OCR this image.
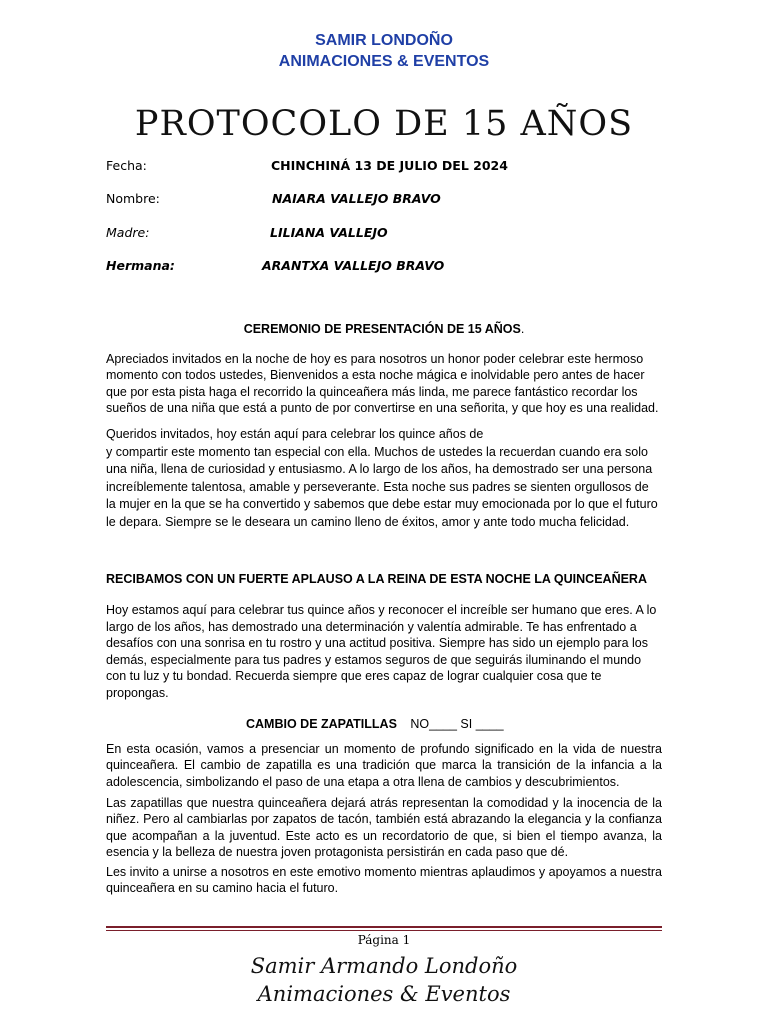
SAMIR LONDOÑO
ANIMACIONES & EVENTOS
PROTOCOLO DE 15 AÑOS
Fecha:	CHINCHINÁ 13 DE JULIO DEL 2024
Nombre:	NAIARA VALLEJO BRAVO
Madre:	LILIANA VALLEJO
Hermana:	ARANTXA VALLEJO BRAVO
CEREMONIO DE PRESENTACIÓN DE 15 AÑOS.
Apreciados invitados en la noche de hoy es para nosotros un honor poder celebrar este hermoso
momento con todos ustedes, Bienvenidos a esta noche mágica e inolvidable pero antes de hacer
que por esta pista haga el recorrido la quinceañera más linda, me parece fantástico recordar los
sueños de una niña que está a punto de por convertirse en una señorita, y que hoy es una realidad.
Queridos invitados, hoy están aquí para celebrar los quince años de
y compartir este momento tan especial con ella. Muchos de ustedes la recuerdan cuando era solo
una niña, llena de curiosidad y entusiasmo. A lo largo de los años, ha demostrado ser una persona
increíblemente talentosa, amable y perseverante. Esta noche sus padres se sienten orgullosos de
la mujer en la que se ha convertido y sabemos que debe estar muy emocionada por lo que el futuro
le depara. Siempre se le deseara un camino lleno de éxitos, amor y ante todo mucha felicidad.
RECIBAMOS CON UN FUERTE APLAUSO A LA REINA DE ESTA NOCHE LA QUINCEAÑERA
Hoy estamos aquí para celebrar tus quince años y reconocer el increíble ser humano que eres. A lo
largo de los años, has demostrado una determinación y valentía admirable. Te has enfrentado a
desafíos con una sonrisa en tu rostro y una actitud positiva. Siempre has sido un ejemplo para los
demás, especialmente para tus padres y estamos seguros de que seguirás iluminando el mundo
con tu luz y tu bondad. Recuerda siempre que eres capaz de lograr cualquier cosa que te
propongas.
CAMBIO DE ZAPATILLAS NO____ SI ____
En esta ocasión, vamos a presenciar un momento de profundo significado en la vida de nuestra quinceañera. El cambio de zapatilla es una tradición que marca la transición de la infancia a la adolescencia, simbolizando el paso de una etapa a otra llena de cambios y descubrimientos.
Las zapatillas que nuestra quinceañera dejará atrás representan la comodidad y la inocencia de la niñez. Pero al cambiarlas por zapatos de tacón, también está abrazando la elegancia y la confianza que acompañan a la juventud. Este acto es un recordatorio de que, si bien el tiempo avanza, la esencia y la belleza de nuestra joven protagonista persistirán en cada paso que dé.
Les invito a unirse a nosotros en este emotivo momento mientras aplaudimos y apoyamos a nuestra quinceañera en su camino hacia el futuro.
Página 1
Samir Armando Londoño
Animaciones & Eventos
